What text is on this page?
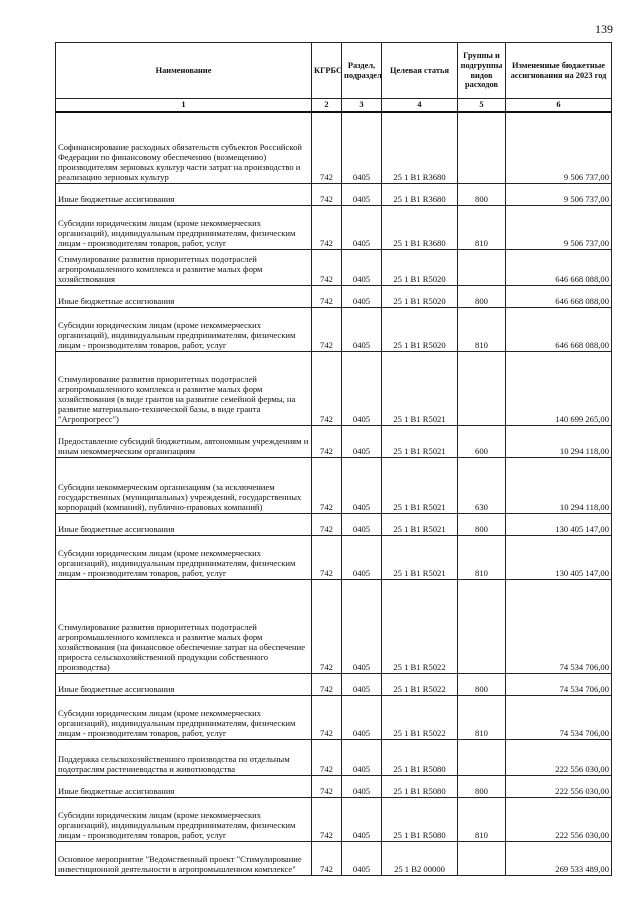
139
Наименование	КГРБС	Раздел, подраздел	Целевая статья	Группы и подгруппы видов расходов	Измененные бюджетные ассигнования на 2023 год
1	2	3	4	5	6
Софинансирование расходных обязательств субъектов Российской Федерации по финансовому обеспечению (возмещению) производителям зерновых культур части затрат на производство и реализацию зерновых культур	742	0405	25 1 B1 R3680		9 506 737,00
Иные бюджетные ассигнования	742	0405	25 1 B1 R3680	800	9 506 737,00
Субсидии юридическим лицам (кроме некоммерческих организаций), индивидуальным предпринимателям, физическим лицам - производителям товаров, работ, услуг	742	0405	25 1 B1 R3680	810	9 506 737,00
Стимулирование развития приоритетных подотраслей агропромышленного комплекса и развитие малых форм хозяйствования	742	0405	25 1 B1 R5020		646 668 088,00
Иные бюджетные ассигнования	742	0405	25 1 B1 R5020	800	646 668 088,00
Субсидии юридическим лицам (кроме некоммерческих организаций), индивидуальным предпринимателям, физическим лицам - производителям товаров, работ, услуг	742	0405	25 1 B1 R5020	810	646 668 088,00
Стимулирование развития приоритетных подотраслей агропромышленного комплекса и развитие малых форм хозяйствования (в виде грантов на развитие семейной фермы, на развитие материально-технической базы, в виде гранта "Агропрогресс")	742	0405	25 1 B1 R5021		140 699 265,00
Предоставление субсидий бюджетным, автономным учреждениям и иным некоммерческим организациям	742	0405	25 1 B1 R5021	600	10 294 118,00
Субсидии некоммерческим организациям (за исключением государственных (муниципальных) учреждений, государственных корпораций (компаний), публично-правовых компаний)	742	0405	25 1 B1 R5021	630	10 294 118,00
Иные бюджетные ассигнования	742	0405	25 1 B1 R5021	800	130 405 147,00
Субсидии юридическим лицам (кроме некоммерческих организаций), индивидуальным предпринимателям, физическим лицам - производителям товаров, работ, услуг	742	0405	25 1 B1 R5021	810	130 405 147,00
Стимулирование развития приоритетных подотраслей агропромышленного комплекса и развитие малых форм хозяйствования (на финансовое обеспечение затрат на обеспечение прироста сельскохозяйственной продукции собственного производства)	742	0405	25 1 B1 R5022		74 534 706,00
Иные бюджетные ассигнования	742	0405	25 1 B1 R5022	800	74 534 706,00
Субсидии юридическим лицам (кроме некоммерческих организаций), индивидуальным предпринимателям, физическим лицам - производителям товаров, работ, услуг	742	0405	25 1 B1 R5022	810	74 534 706,00
Поддержка сельскохозяйственного производства по отдельным подотраслям растениеводства и животноводства	742	0405	25 1 B1 R5080		222 556 030,00
Иные бюджетные ассигнования	742	0405	25 1 B1 R5080	800	222 556 030,00
Субсидии юридическим лицам (кроме некоммерческих организаций), индивидуальным предпринимателям, физическим лицам - производителям товаров, работ, услуг	742	0405	25 1 B1 R5080	810	222 556 030,00
Основное мероприятие "Ведомственный проект "Стимулирование инвестиционной деятельности в агропромышленном комплексе"	742	0405	25 1 B2 00000		269 533 489,00
